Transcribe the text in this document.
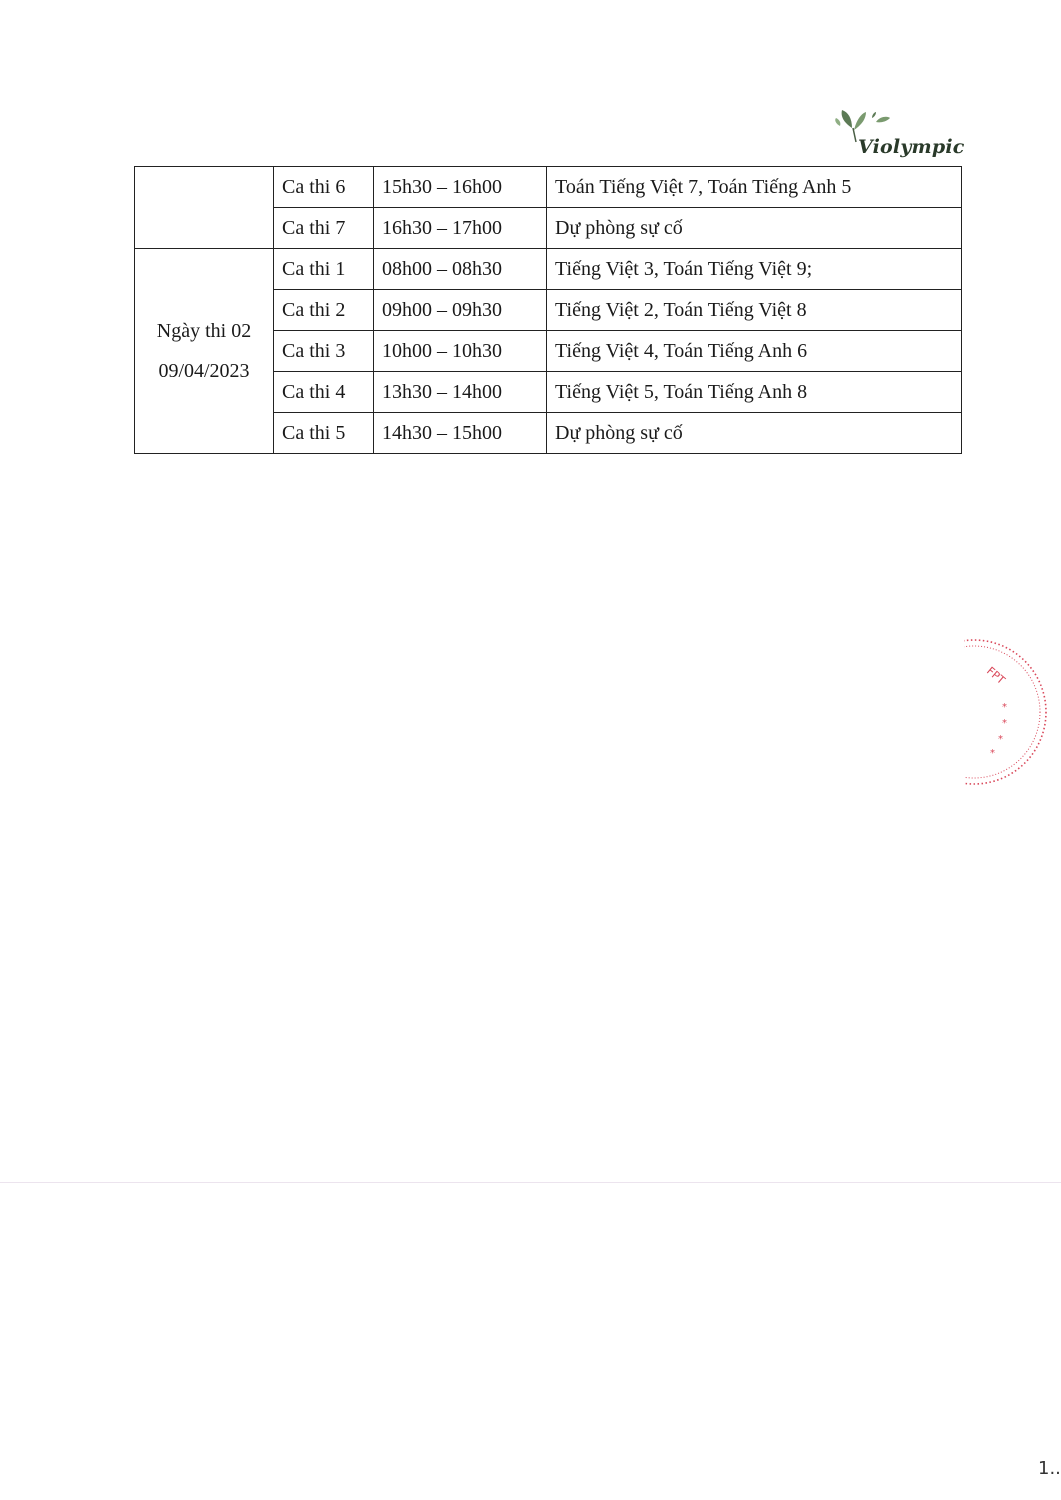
Violympic
	Ca thi 6	15h30 – 16h00	Toán Tiếng Việt 7, Toán Tiếng Anh 5
	Ca thi 7	16h30 – 17h00	Dự phòng sự cố

Ngày thi 02
09/04/2023	Ca thi 1	08h00 – 08h30	Tiếng Việt 3, Toán Tiếng Việt 9;
	Ca thi 2	09h00 – 09h30	Tiếng Việt 2, Toán Tiếng Việt 8
	Ca thi 3	10h00 – 10h30	Tiếng Việt 4, Toán Tiếng Anh 6
	Ca thi 4	13h30 – 14h00	Tiếng Việt 5, Toán Tiếng Anh 8
	Ca thi 5	14h30 – 15h00	Dự phòng sự cố
FPT
*
*
*
*
1..
